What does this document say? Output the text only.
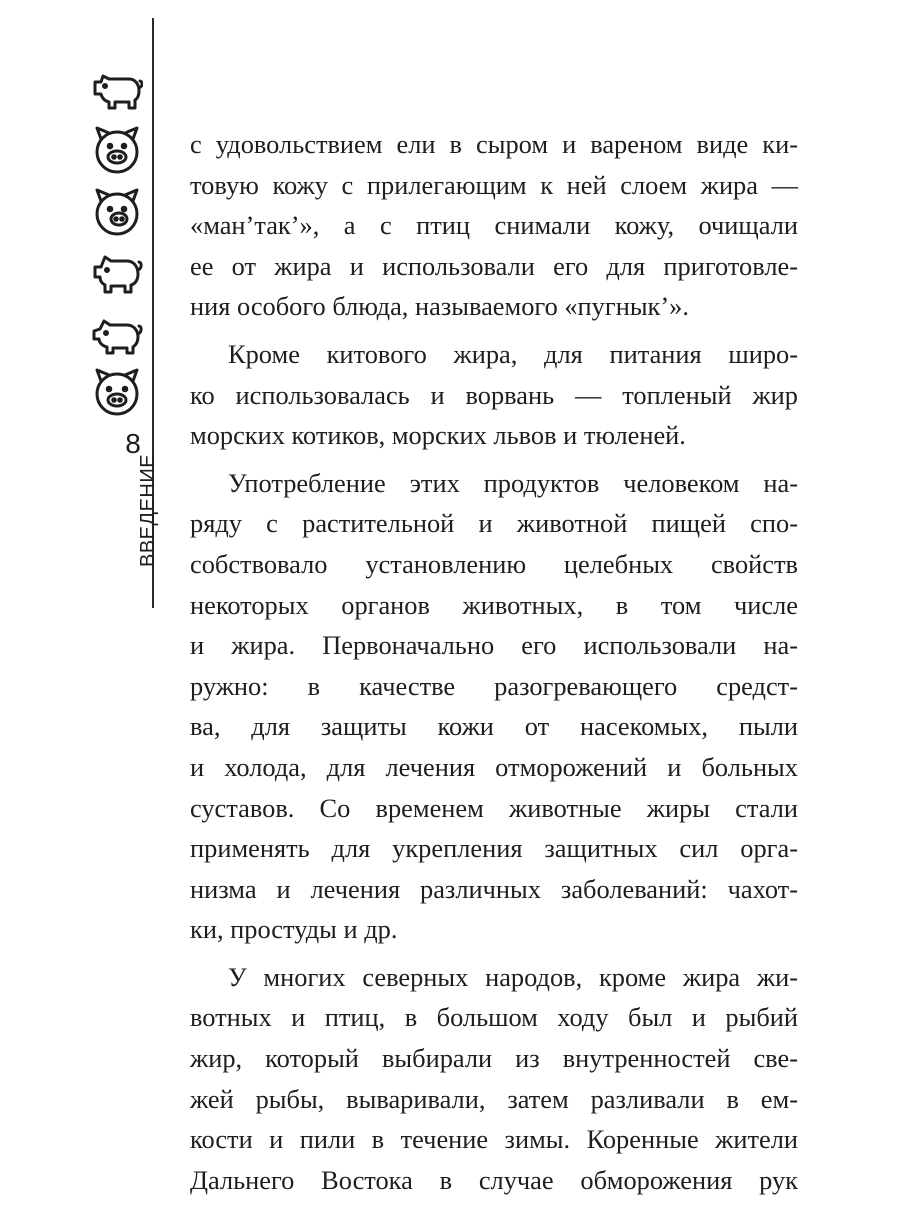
8
ВВЕДЕНИЕ
с удовольствием ели в сыром и вареном виде ки-
товую кожу с прилегающим к ней слоем жира —
«ман’так’», а с птиц снимали кожу, очищали
ее от жира и использовали его для приготовле-
ния особого блюда, называемого «пугнык’».
Кроме китового жира, для питания широ-
ко использовалась и ворвань — топленый жир
морских котиков, морских львов и тюленей.
Употребление этих продуктов человеком на-
ряду с растительной и животной пищей спо-
собствовало установлению целебных свойств
некоторых органов животных, в том числе
и жира. Первоначально его использовали на-
ружно: в качестве разогревающего средст-
ва, для защиты кожи от насекомых, пыли
и холода, для лечения отморожений и больных
суставов. Со временем животные жиры стали
применять для укрепления защитных сил орга-
низма и лечения различных заболеваний: чахот-
ки, простуды и др.
У многих северных народов, кроме жира жи-
вотных и птиц, в большом ходу был и рыбий
жир, который выбирали из внутренностей све-
жей рыбы, вываривали, затем разливали в ем-
кости и пили в течение зимы. Коренные жители
Дальнего Востока в случае обморожения рук
